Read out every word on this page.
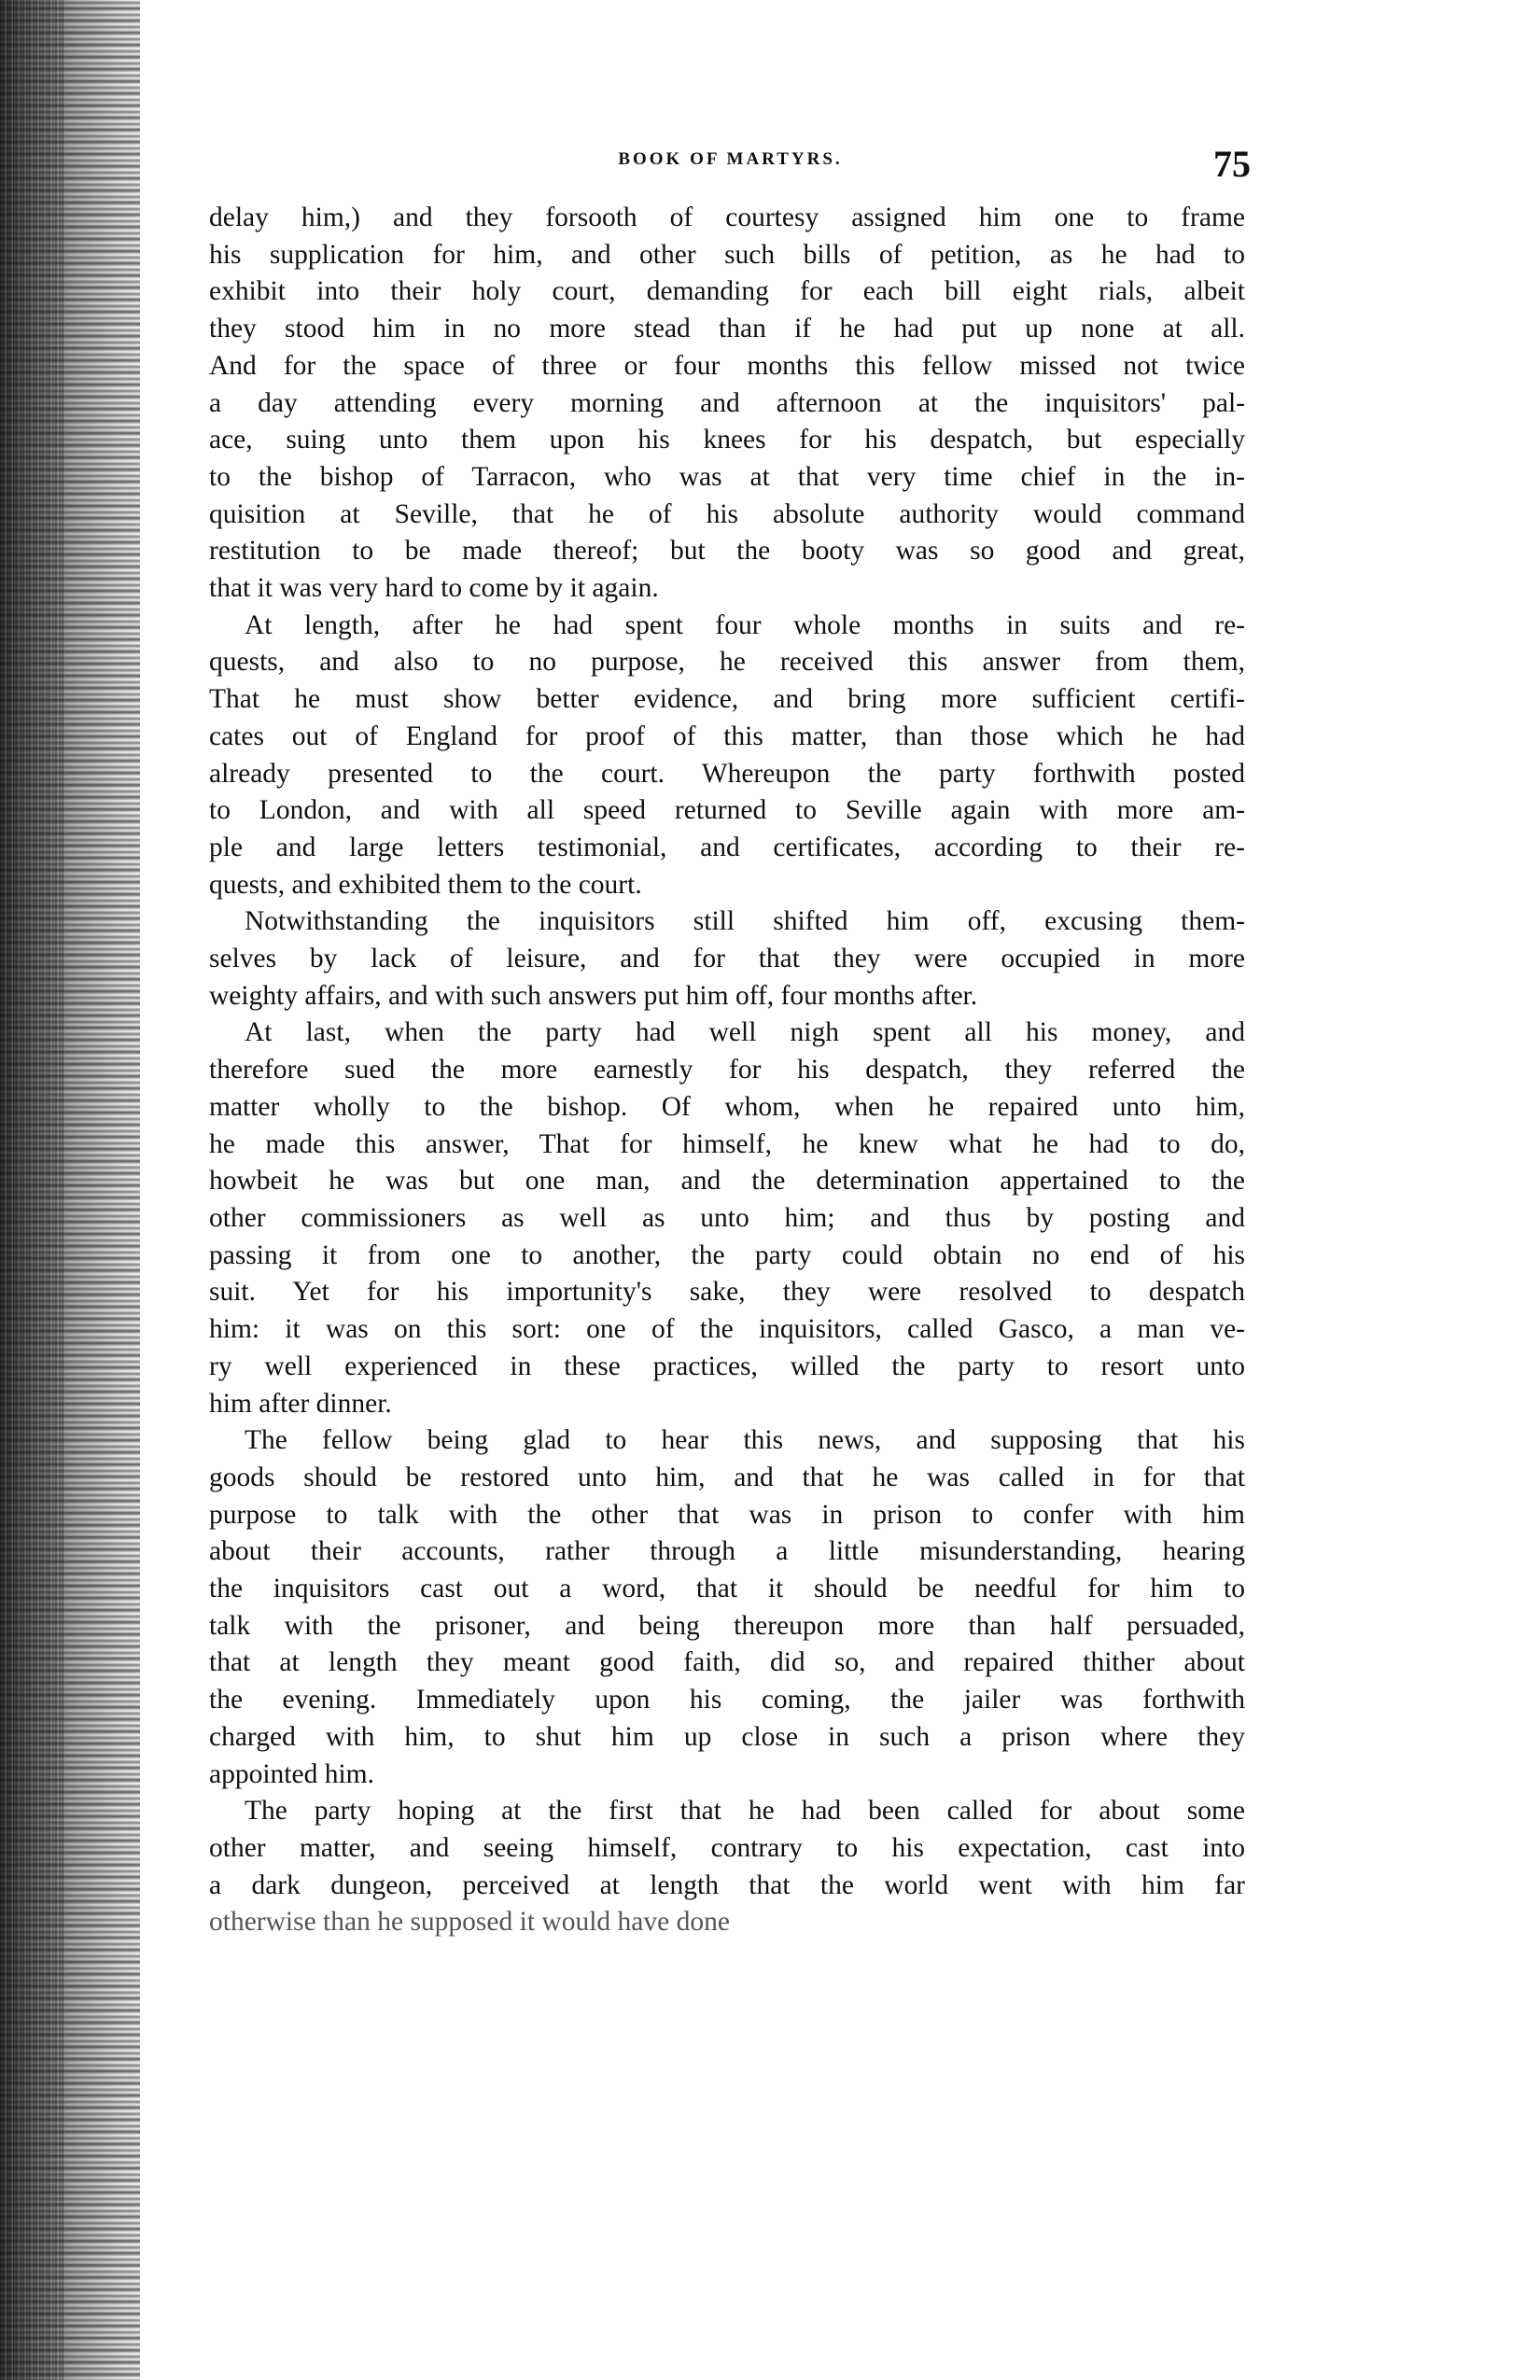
BOOK OF MARTYRS.	75
delay him,) and they forsooth of courtesy assigned him one to frame
his supplication for him, and other such bills of petition, as he had to
exhibit into their holy court, demanding for each bill eight rials, albeit
they stood him in no more stead than if he had put up none at all.
And for the space of three or four months this fellow missed not twice
a day attending every morning and afternoon at the inquisitors' pal-
ace, suing unto them upon his knees for his despatch, but especially
to the bishop of Tarracon, who was at that very time chief in the in-
quisition at Seville, that he of his absolute authority would command
restitution to be made thereof; but the booty was so good and great,
that it was very hard to come by it again.
At length, after he had spent four whole months in suits and re-
quests, and also to no purpose, he received this answer from them,
That he must show better evidence, and bring more sufficient certifi-
cates out of England for proof of this matter, than those which he had
already presented to the court. Whereupon the party forthwith posted
to London, and with all speed returned to Seville again with more am-
ple and large letters testimonial, and certificates, according to their re-
quests, and exhibited them to the court.
Notwithstanding the inquisitors still shifted him off, excusing them-
selves by lack of leisure, and for that they were occupied in more
weighty affairs, and with such answers put him off, four months after.
At last, when the party had well nigh spent all his money, and
therefore sued the more earnestly for his despatch, they referred the
matter wholly to the bishop. Of whom, when he repaired unto him,
he made this answer, That for himself, he knew what he had to do,
howbeit he was but one man, and the determination appertained to the
other commissioners as well as unto him; and thus by posting and
passing it from one to another, the party could obtain no end of his
suit. Yet for his importunity's sake, they were resolved to despatch
him: it was on this sort: one of the inquisitors, called Gasco, a man ve-
ry well experienced in these practices, willed the party to resort unto
him after dinner.
The fellow being glad to hear this news, and supposing that his
goods should be restored unto him, and that he was called in for that
purpose to talk with the other that was in prison to confer with him
about their accounts, rather through a little misunderstanding, hearing
the inquisitors cast out a word, that it should be needful for him to
talk with the prisoner, and being thereupon more than half persuaded,
that at length they meant good faith, did so, and repaired thither about
the evening. Immediately upon his coming, the jailer was forthwith
charged with him, to shut him up close in such a prison where they
appointed him.
The party hoping at the first that he had been called for about some
other matter, and seeing himself, contrary to his expectation, cast into
a dark dungeon, perceived at length that the world went with him far
otherwise than he supposed it would have done
